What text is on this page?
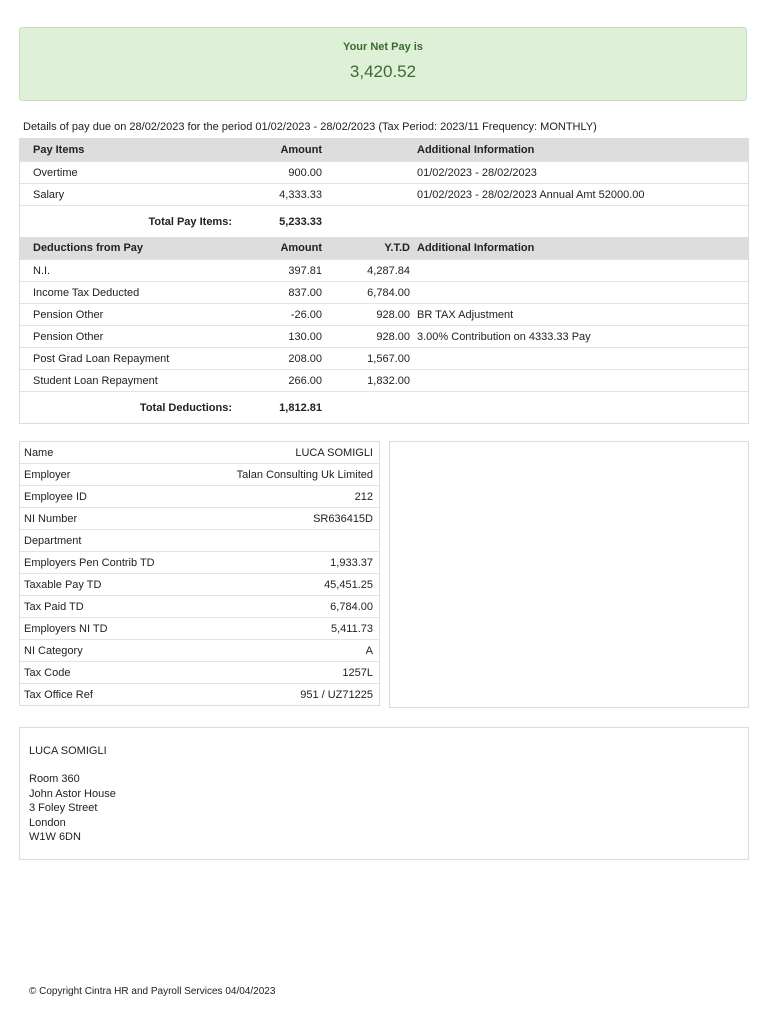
Your Net Pay is
3,420.52
Details of pay due on 28/02/2023 for the period 01/02/2023 - 28/02/2023 (Tax Period: 2023/11 Frequency: MONTHLY)
Pay Items	Amount		Additional Information
Overtime	900.00		01/02/2023 - 28/02/2023
Salary	4,333.33		01/02/2023 - 28/02/2023 Annual Amt 52000.00
Total Pay Items:	5,233.33		
Deductions from Pay	Amount	Y.T.D	Additional Information
N.I.	397.81	4,287.84	
Income Tax Deducted	837.00	6,784.00	
Pension Other	-26.00	928.00	BR TAX Adjustment
Pension Other	130.00	928.00	3.00% Contribution on 4333.33 Pay
Post Grad Loan Repayment	208.00	1,567.00	
Student Loan Repayment	266.00	1,832.00	
Total Deductions:	1,812.81		
Name	LUCA SOMIGLI
Employer	Talan Consulting Uk Limited
Employee ID	212
NI Number	SR636415D
Department	
Employers Pen Contrib TD	1,933.37
Taxable Pay TD	45,451.25
Tax Paid TD	6,784.00
Employers NI TD	5,411.73
NI Category	A
Tax Code	1257L
Tax Office Ref	951 / UZ71225
LUCA SOMIGLI
Room 360
John Astor House
3 Foley Street
London
W1W 6DN
© Copyright Cintra HR and Payroll Services 04/04/2023
